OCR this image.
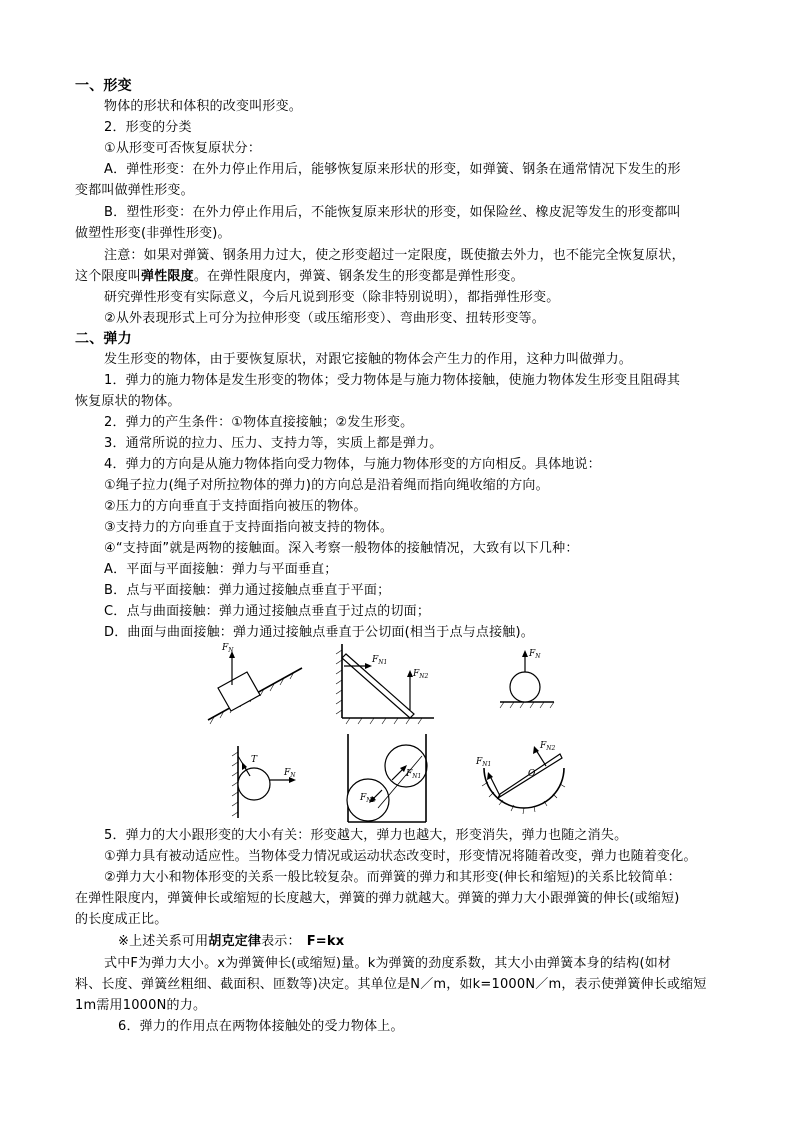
一、形变
物体的形状和体积的改变叫形变。
2．形变的分类
①从形变可否恢复原状分：
A．弹性形变：在外力停止作用后，能够恢复原来形状的形变，如弹簧、钢条在通常情况下发生的形
变都叫做弹性形变。
B．塑性形变：在外力停止作用后，不能恢复原来形状的形变，如保险丝、橡皮泥等发生的形变都叫
做塑性形变(非弹性形变)。
注意：如果对弹簧、钢条用力过大，使之形变超过一定限度，既使撤去外力，也不能完全恢复原状，
这个限度叫弹性限度。在弹性限度内，弹簧、钢条发生的形变都是弹性形变。
研究弹性形变有实际意义，今后凡说到形变（除非特别说明），都指弹性形变。
②从外表现形式上可分为拉伸形变（或压缩形变）、弯曲形变、扭转形变等。
二、弹力
发生形变的物体，由于要恢复原状，对跟它接触的物体会产生力的作用，这种力叫做弹力。
1．弹力的施力物体是发生形变的物体；受力物体是与施力物体接触，使施力物体发生形变且阻碍其
恢复原状的物体。
2．弹力的产生条件：①物体直接接触；②发生形变。
3．通常所说的拉力、压力、支持力等，实质上都是弹力。
4．弹力的方向是从施力物体指向受力物体，与施力物体形变的方向相反。具体地说：
①绳子拉力(绳子对所拉物体的弹力)的方向总是沿着绳而指向绳收缩的方向。
②压力的方向垂直于支持面指向被压的物体。
③支持力的方向垂直于支持面指向被支持的物体。
④“支持面”就是两物的接触面。深入考察一般物体的接触情况，大致有以下几种：
A．平面与平面接触：弹力与平面垂直；
B．点与平面接触：弹力通过接触点垂直于平面；
C．点与曲面接触：弹力通过接触点垂直于过点的切面；
D．曲面与曲面接触：弹力通过接触点垂直于公切面(相当于点与点接触)。
$F_N$
$F_{N1}$
$F_{N2}$
$F_N$
T
$F_N$	$F_{N1}$
$F_{N2}$
$F_{N1}$
$F_{N2}$
O
5．弹力的大小跟形变的大小有关：形变越大，弹力也越大，形变消失，弹力也随之消失。
①弹力具有被动适应性。当物体受力情况或运动状态改变时，形变情况将随着改变，弹力也随着变化。
②弹力大小和物体形变的关系一般比较复杂。而弹簧的弹力和其形变(伸长和缩短)的关系比较简单：
在弹性限度内，弹簧伸长或缩短的长度越大，弹簧的弹力就越大。弹簧的弹力大小跟弹簧的伸长(或缩短)
的长度成正比。
※上述关系可用胡克定律表示： F=kx
式中F为弹力大小。x为弹簧伸长(或缩短)量。k为弹簧的劲度系数，其大小由弹簧本身的结构(如材
料、长度、弹簧丝粗细、截面积、匝数等)决定。其单位是N／m，如k=1000N／m，表示使弹簧伸长或缩短
1m需用1000N的力。
6．弹力的作用点在两物体接触处的受力物体上。
